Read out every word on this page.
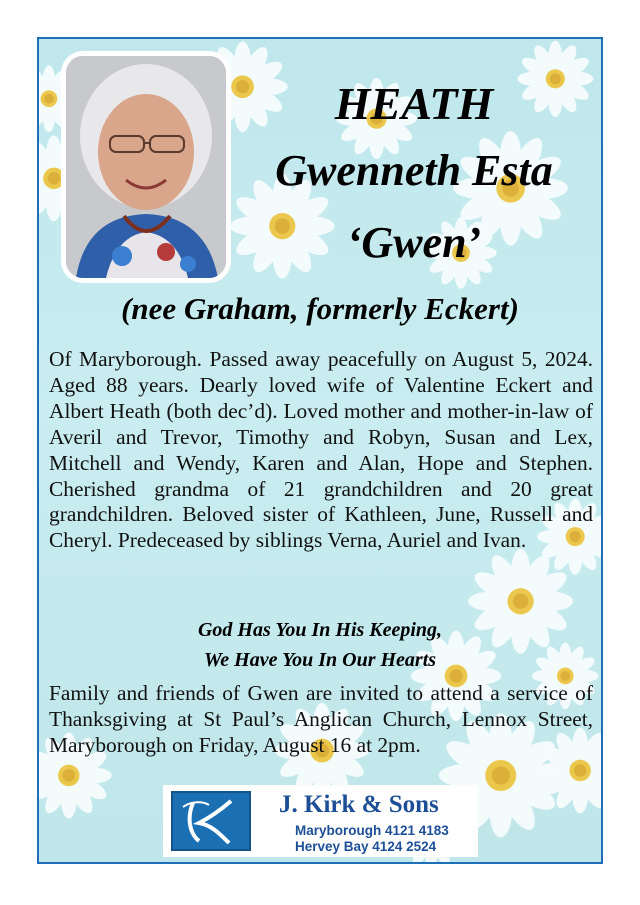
HEATH

Gwenneth Esta

‘Gwen’

(nee Graham, formerly Eckert)

Of Maryborough. Passed away peacefully on August 5, 2024. Aged 88 years. Dearly loved wife of Valentine Eckert and Albert Heath (both dec’d). Loved mother and mother-in-law of Averil and Trevor, Timothy and Robyn, Susan and Lex, Mitchell and Wendy, Karen and Alan, Hope and Stephen. Cherished grandma of 21 grandchildren and 20 great grandchildren. Beloved sister of Kathleen, June, Russell and Cheryl. Predeceased by siblings Verna, Auriel and Ivan.

God Has You In His Keeping,

We Have You In Our Hearts

Family and friends of Gwen are invited to attend a service of Thanksgiving at St Paul’s Anglican Church, Lennox Street, Maryborough on Friday, August 16 at 2pm.

J. Kirk & Sons

Maryborough 4121 4183

Hervey Bay 4124 2524
